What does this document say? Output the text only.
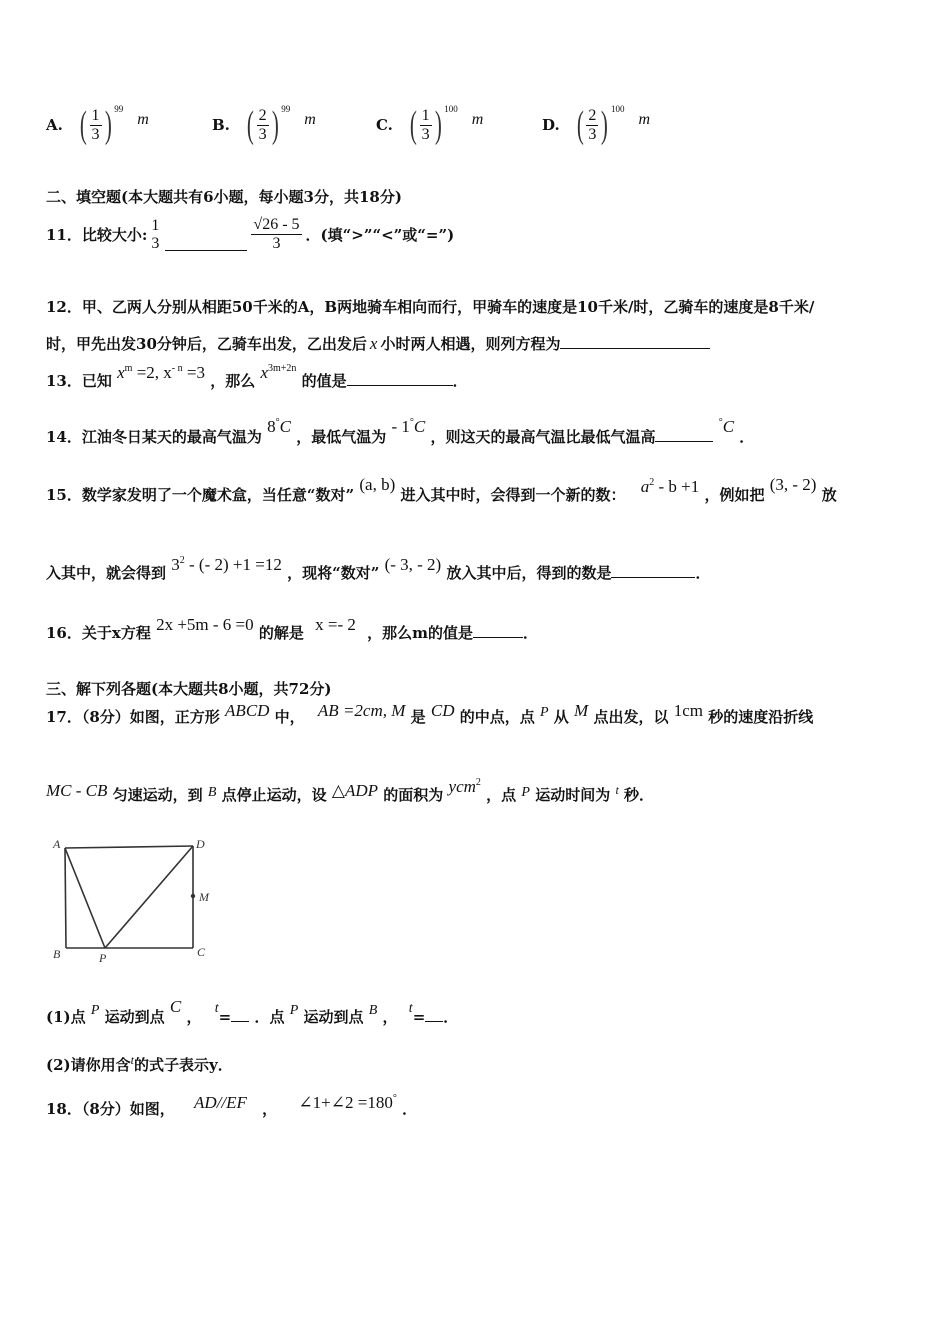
A. ( $\frac{1}{3}$ ) 99
m	B. ( $\frac{2}{3}$ ) 99
m	C. ( $\frac{1}{3}$ ) 100
m	D. ( $\frac{2}{3}$ ) 100
m
二、填空题(本大题共有6小题，每小题3分，共18分)
11．比较大小:
1
3	$\frac{√26 - 5}{3}$ ．(填“>”“<”或“=”)
12．甲、乙两人分别从相距50千米的A，B两地骑车相向而行，甲骑车的速度是10千米/时，乙骑车的速度是8千米/
时，甲先出发30分钟后，乙骑车出发，乙出发后 x 小时两人相遇，则列方程为
13．已知 $x^m =2$, $x^{- n} =3$ ，那么 $x^{3m+2n}$ 的值是	．
14．江油冬日某天的最高气温为 8°C ，最低气温为 - 1°C ，则这天的最高气温比最低气温高 °C ．
15．数学家发明了一个魔术盒，当任意“数对” (a, b) 进入其中时，会得到一个新的数： $a^2 - b +1$ ，例如把 (3, - 2) 放
入其中，就会得到 $3^2$ - (- 2) +1 =12 ，现将“数对” (- 3, - 2) 放入其中后，得到的数是	．
16．关于x方程 2x +5m - 6 =0 的解是 x =- 2 ，那么m的值是	．
三、解下列各题(本大题共8小题，共72分)
17．（8分）如图，正方形 ABCD 中， AB =2cm, M 是 CD 的中点，点 P 从 M 点出发，以 1cm 秒的速度沿折线
MC - CB 匀速运动，到 B 点停止运动，设 △ADP 的面积为 ycm$^2$ ，点 P 运动时间为 $^t$ 秒．
A	D
M
B	P	C
(1)点 P 运动到点 C ， t= ．点 P 运动到点 B ， t= ．
(2)请你用含$^t$的式子表示y．
18．（8分）如图， AD//EF ， ∠1+∠2 =180° ．
